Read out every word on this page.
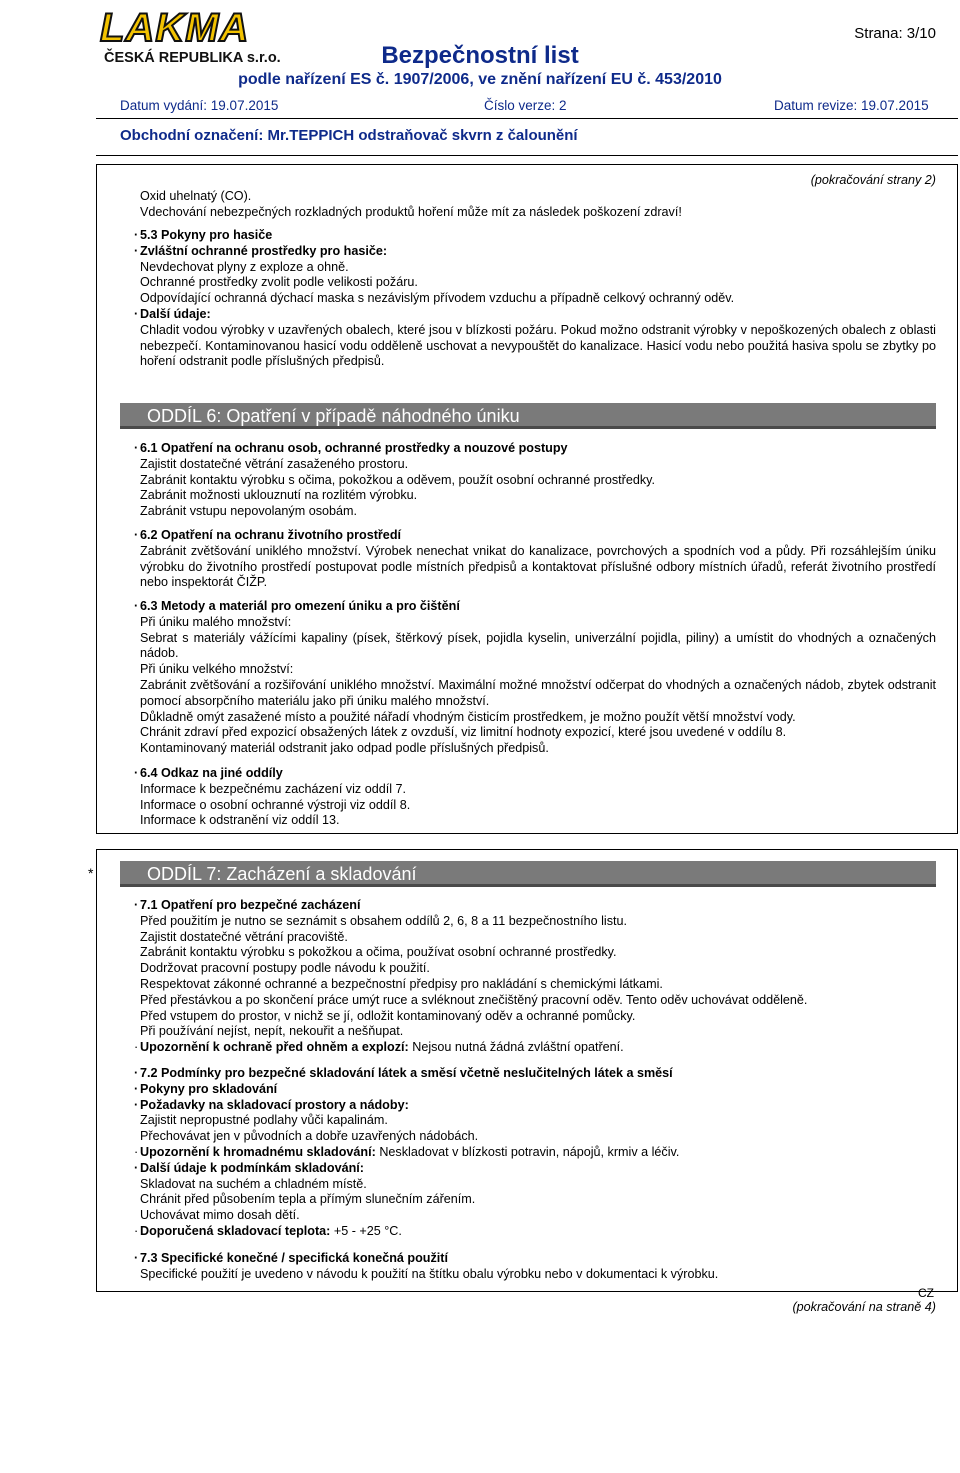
LAKMA
ČESKÁ REPUBLIKA s.r.o.	Bezpečnostní list
podle nařízení ES č. 1907/2006, ve znění nařízení EU č. 453/2010
Strana: 3/10
Datum vydání: 19.07.2015	Číslo verze: 2	Datum revize: 19.07.2015
Obchodní označení: Mr.TEPPICH odstraňovač skvrn z čalounění
(pokračování strany 2)
Oxid uhelnatý (CO).
Vdechování nebezpečných rozkladných produktů hoření může mít za následek poškození zdraví!
· 5.3 Pokyny pro hasiče
· Zvláštní ochranné prostředky pro hasiče:
Nevdechovat plyny z exploze a ohně.
Ochranné prostředky zvolit podle velikosti požáru.
Odpovídající ochranná dýchací maska s nezávislým přívodem vzduchu a případně celkový ochranný oděv.
· Další údaje:
Chladit vodou výrobky v uzavřených obalech, které jsou v blízkosti požáru. Pokud možno odstranit výrobky v nepoškozených obalech z oblasti nebezpečí. Kontaminovanou hasicí vodu odděleně uschovat a nevypouštět do kanalizace. Hasicí vodu nebo použitá hasiva spolu se zbytky po hoření odstranit podle příslušných předpisů.
ODDÍL 6: Opatření v případě náhodného úniku
· 6.1 Opatření na ochranu osob, ochranné prostředky a nouzové postupy
Zajistit dostatečné větrání zasaženého prostoru.
Zabránit kontaktu výrobku s očima, pokožkou a oděvem, použít osobní ochranné prostředky.
Zabránit možnosti uklouznutí na rozlitém výrobku.
Zabránit vstupu nepovolaným osobám.
· 6.2 Opatření na ochranu životního prostředí
Zabránit zvětšování uniklého množství. Výrobek nenechat vnikat do kanalizace, povrchových a spodních vod a půdy. Při rozsáhlejším úniku výrobku do životního prostředí postupovat podle místních předpisů a kontaktovat příslušné odbory místních úřadů, referát životního prostředí nebo inspektorát ČIŽP.
· 6.3 Metody a materiál pro omezení úniku a pro čištění
Při úniku malého množství:
Sebrat s materiály vážícími kapaliny (písek, štěrkový písek, pojidla kyselin, univerzální pojidla, piliny) a umístit do vhodných a označených nádob.
Při úniku velkého množství:
Zabránit zvětšování a rozšiřování uniklého množství. Maximální možné množství odčerpat do vhodných a označených nádob, zbytek odstranit pomocí absorpčního materiálu jako při úniku malého množství.
Důkladně omýt zasažené místo a použité nářadí vhodným čisticím prostředkem, je možno použít větší množství vody.
Chránit zdraví před expozicí obsažených látek z ovzduší, viz limitní hodnoty expozicí, které jsou uvedené v oddílu 8.
Kontaminovaný materiál odstranit jako odpad podle příslušných předpisů.
· 6.4 Odkaz na jiné oddíly
Informace k bezpečnému zacházení viz oddíl 7.
Informace o osobní ochranné výstroji viz oddíl 8.
Informace k odstranění viz oddíl 13.
*	ODDÍL 7: Zacházení a skladování
· 7.1 Opatření pro bezpečné zacházení
Před použitím je nutno se seznámit s obsahem oddílů 2, 6, 8 a 11 bezpečnostního listu.
Zajistit dostatečné větrání pracoviště.
Zabránit kontaktu výrobku s pokožkou a očima, používat osobní ochranné prostředky.
Dodržovat pracovní postupy podle návodu k použití.
Respektovat zákonné ochranné a bezpečnostní předpisy pro nakládání s chemickými látkami.
Před přestávkou a po skončení práce umýt ruce a svléknout znečištěný pracovní oděv. Tento oděv uchovávat odděleně.
Před vstupem do prostor, v nichž se jí, odložit kontaminovaný oděv a ochranné pomůcky.
Při používání nejíst, nepít, nekouřit a nešňupat.
· Upozornění k ochraně před ohněm a explozí: Nejsou nutná žádná zvláštní opatření.
· 7.2 Podmínky pro bezpečné skladování látek a směsí včetně neslučitelných látek a směsí
· Pokyny pro skladování
· Požadavky na skladovací prostory a nádoby:
Zajistit nepropustné podlahy vůči kapalinám.
Přechovávat jen v původních a dobře uzavřených nádobách.
· Upozornění k hromadnému skladování: Neskladovat v blízkosti potravin, nápojů, krmiv a léčiv.
· Další údaje k podmínkám skladování:
Skladovat na suchém a chladném místě.
Chránit před působením tepla a přímým slunečním zářením.
Uchovávat mimo dosah dětí.
· Doporučená skladovací teplota: +5 - +25 °C.
· 7.3 Specifické konečné / specifická konečná použití
Specifické použití je uvedeno v návodu k použití na štítku obalu výrobku nebo v dokumentaci k výrobku.
CZ
(pokračování na straně 4)
